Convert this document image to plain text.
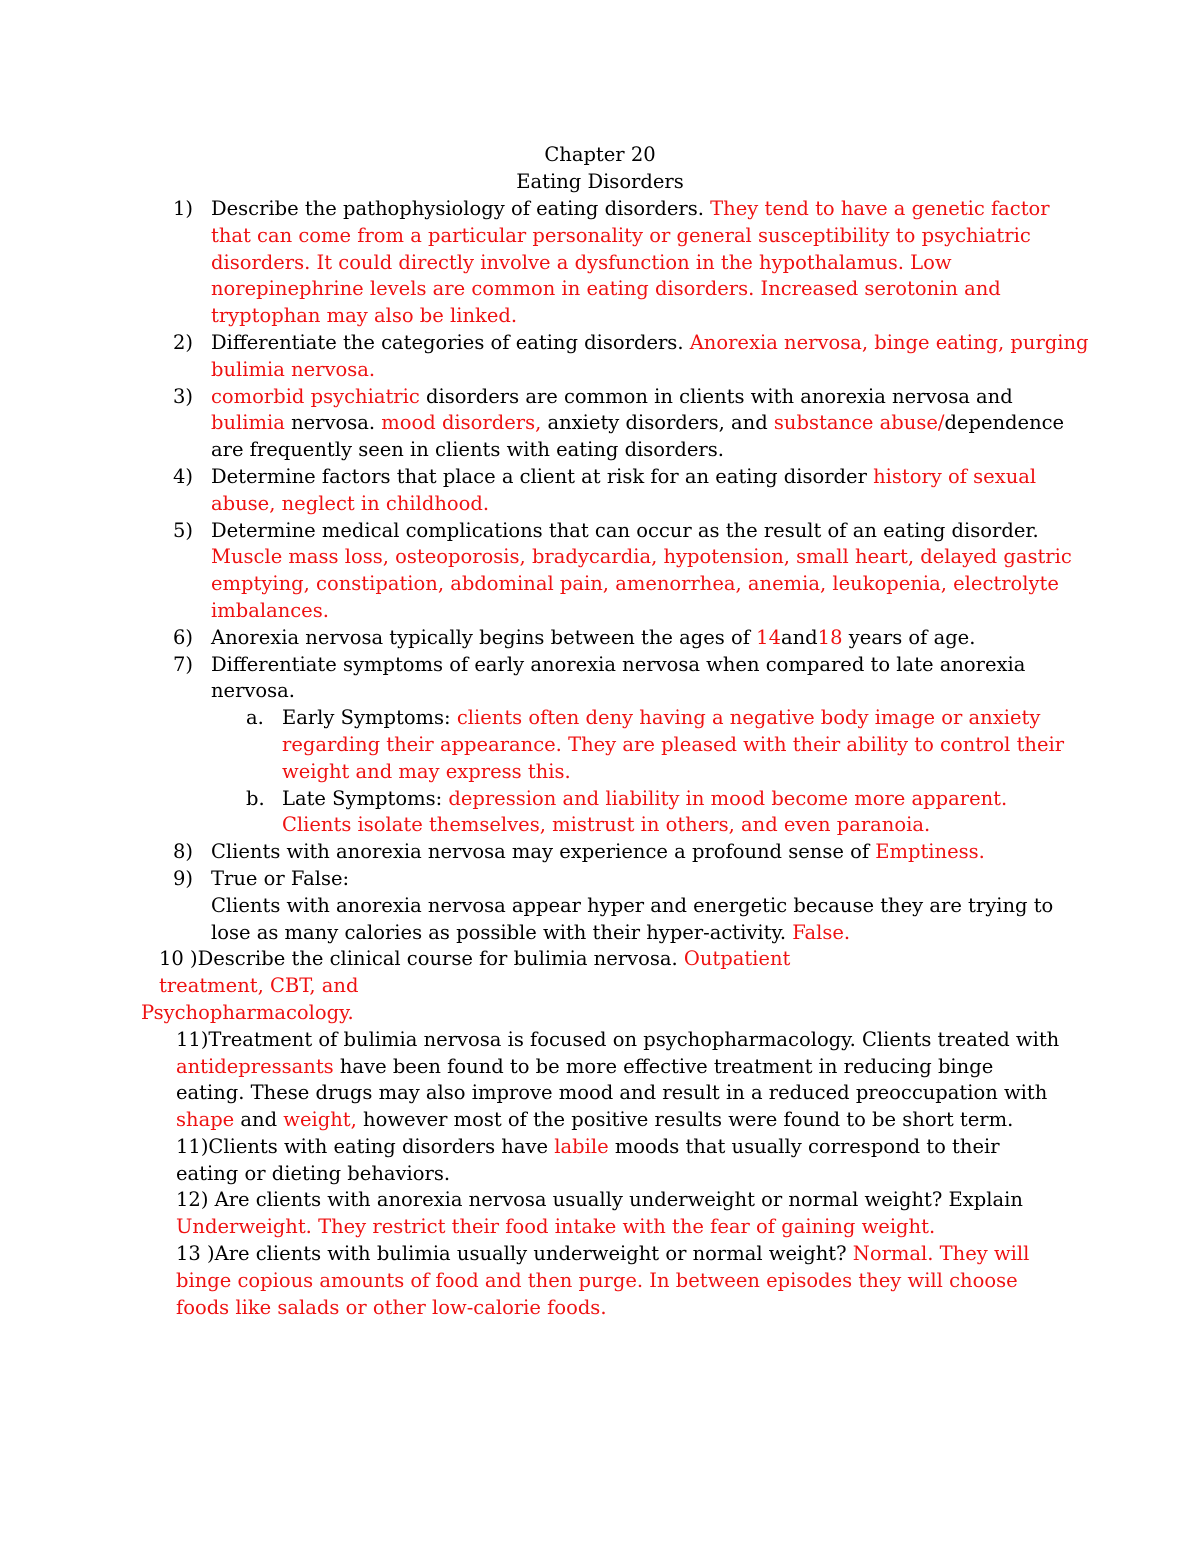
Chapter 20
Eating Disorders
1) Describe the pathophysiology of eating disorders. They tend to have a genetic factor that can come from a particular personality or general susceptibility to psychiatric disorders. It could directly involve a dysfunction in the hypothalamus. Low norepinephrine levels are common in eating disorders. Increased serotonin and tryptophan may also be linked.
2) Differentiate the categories of eating disorders. Anorexia nervosa, binge eating, purging bulimia nervosa.
3) comorbid psychiatric disorders are common in clients with anorexia nervosa and bulimia nervosa. mood disorders, anxiety disorders, and substance abuse/dependence are frequently seen in clients with eating disorders.
4) Determine factors that place a client at risk for an eating disorder history of sexual abuse, neglect in childhood.
5) Determine medical complications that can occur as the result of an eating disorder. Muscle mass loss, osteoporosis, bradycardia, hypotension, small heart, delayed gastric emptying, constipation, abdominal pain, amenorrhea, anemia, leukopenia, electrolyte imbalances.
6) Anorexia nervosa typically begins between the ages of 14and18 years of age.
7) Differentiate symptoms of early anorexia nervosa when compared to late anorexia nervosa.
a. Early Symptoms: clients often deny having a negative body image or anxiety regarding their appearance. They are pleased with their ability to control their weight and may express this.
b. Late Symptoms: depression and liability in mood become more apparent. Clients isolate themselves, mistrust in others, and even paranoia.
8) Clients with anorexia nervosa may experience a profound sense of Emptiness.
9) True or False:
Clients with anorexia nervosa appear hyper and energetic because they are trying to lose as many calories as possible with their hyper-activity. False.
10 )Describe the clinical course for bulimia nervosa. Outpatient treatment, CBT, and
Psychopharmacology.
11)Treatment of bulimia nervosa is focused on psychopharmacology. Clients treated with antidepressants have been found to be more effective treatment in reducing binge eating. These drugs may also improve mood and result in a reduced preoccupation with shape and weight, however most of the positive results were found to be short term.
11)Clients with eating disorders have labile moods that usually correspond to their eating or dieting behaviors.
12) Are clients with anorexia nervosa usually underweight or normal weight? Explain Underweight. They restrict their food intake with the fear of gaining weight.
13 )Are clients with bulimia usually underweight or normal weight? Normal. They will binge copious amounts of food and then purge. In between episodes they will choose foods like salads or other low-calorie foods.
